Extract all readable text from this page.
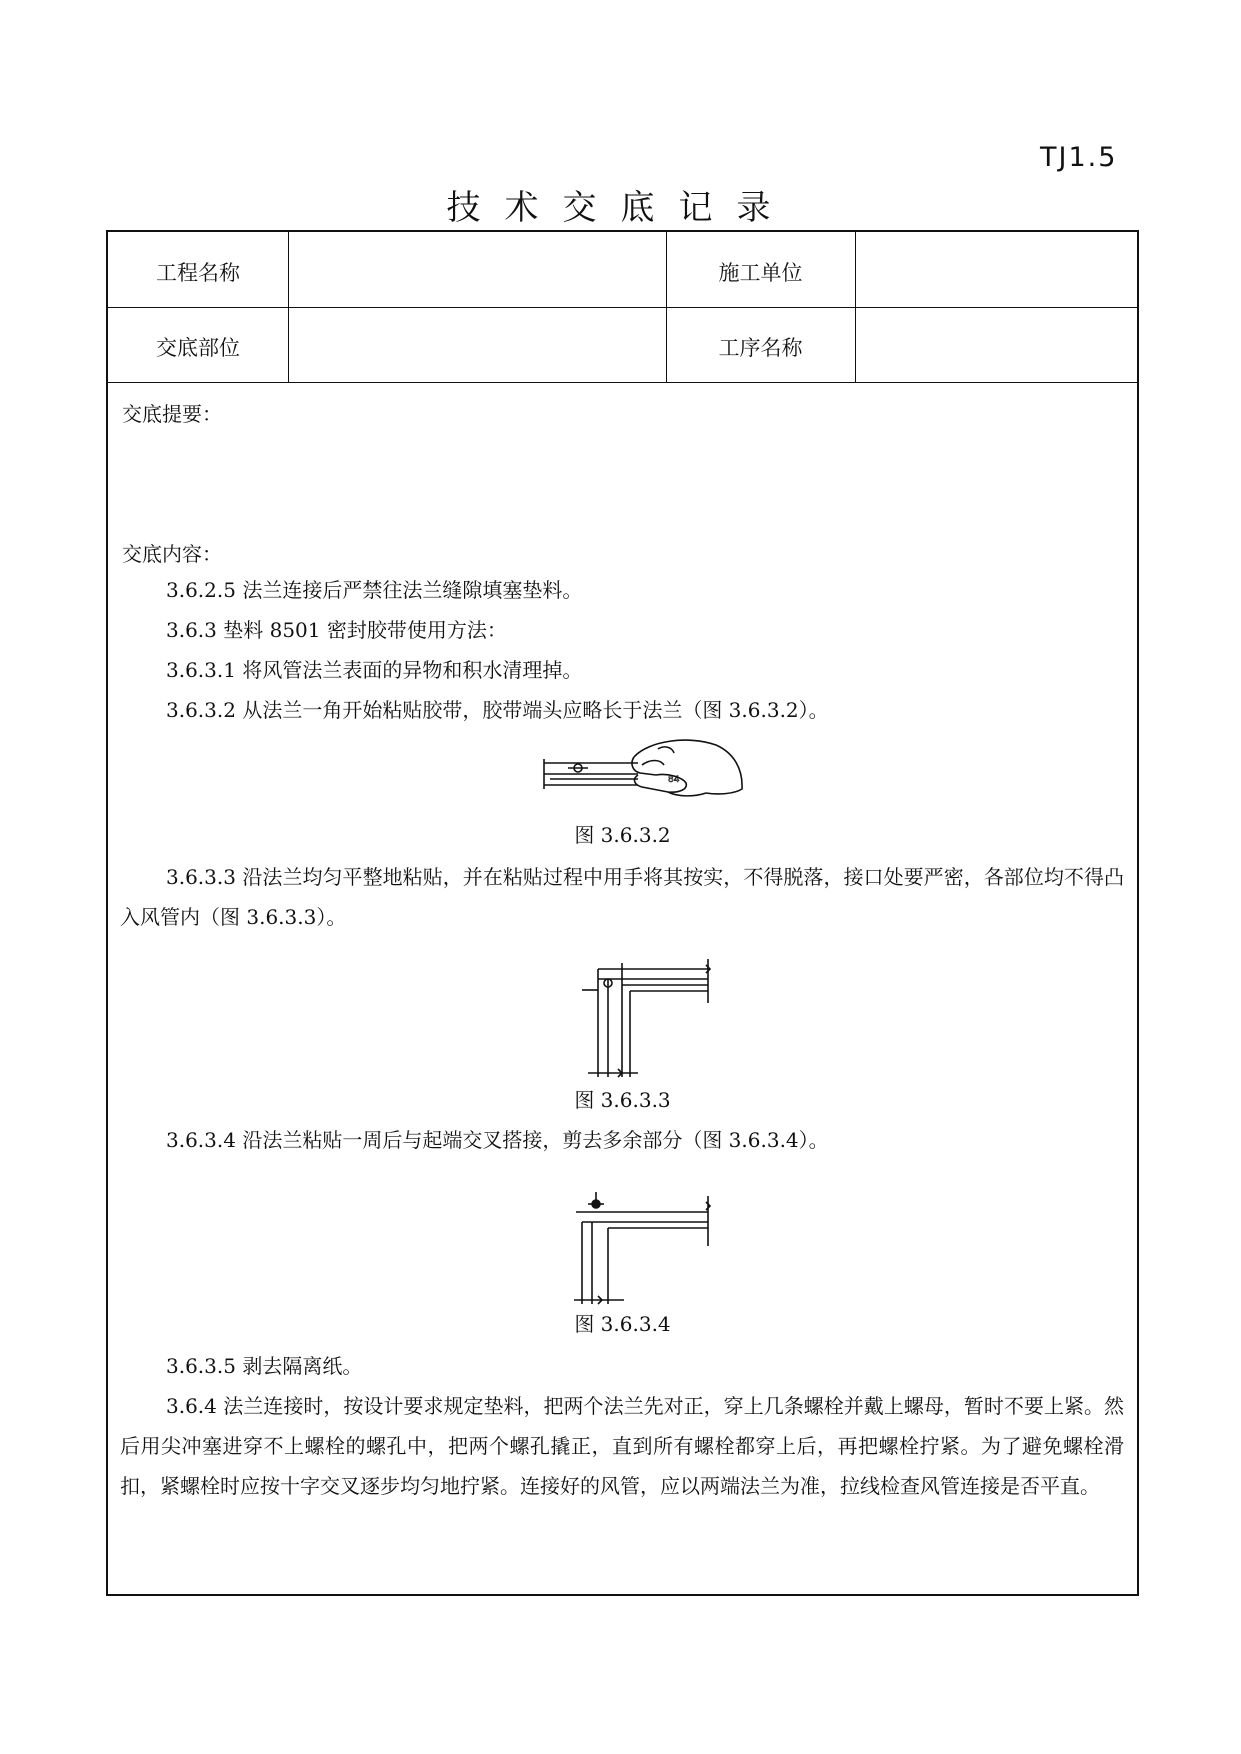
TJ1.5
技术交底记录
工程名称	施工单位
交底部位	工序名称
交底提要：
交底内容：
3.6.2.5 法兰连接后严禁往法兰缝隙填塞垫料。
3.6.3 垫料 8501 密封胶带使用方法：
3.6.3.1 将风管法兰表面的异物和积水清理掉。
3.6.3.2 从法兰一角开始粘贴胶带，胶带端头应略长于法兰（图 3.6.3.2）。
84
图 3.6.3.2
3.6.3.3 沿法兰均匀平整地粘贴，并在粘贴过程中用手将其按实，不得脱落，接口处要严密，各部位均不得凸入风管内（图 3.6.3.3）。
图 3.6.3.3
3.6.3.4 沿法兰粘贴一周后与起端交叉搭接，剪去多余部分（图 3.6.3.4）。
图 3.6.3.4
3.6.3.5 剥去隔离纸。
3.6.4 法兰连接时，按设计要求规定垫料，把两个法兰先对正，穿上几条螺栓并戴上螺母，暂时不要上紧。然后用尖冲塞进穿不上螺栓的螺孔中，把两个螺孔撬正，直到所有螺栓都穿上后，再把螺栓拧紧。为了避免螺栓滑扣，紧螺栓时应按十字交叉逐步均匀地拧紧。连接好的风管，应以两端法兰为准，拉线检查风管连接是否平直。
